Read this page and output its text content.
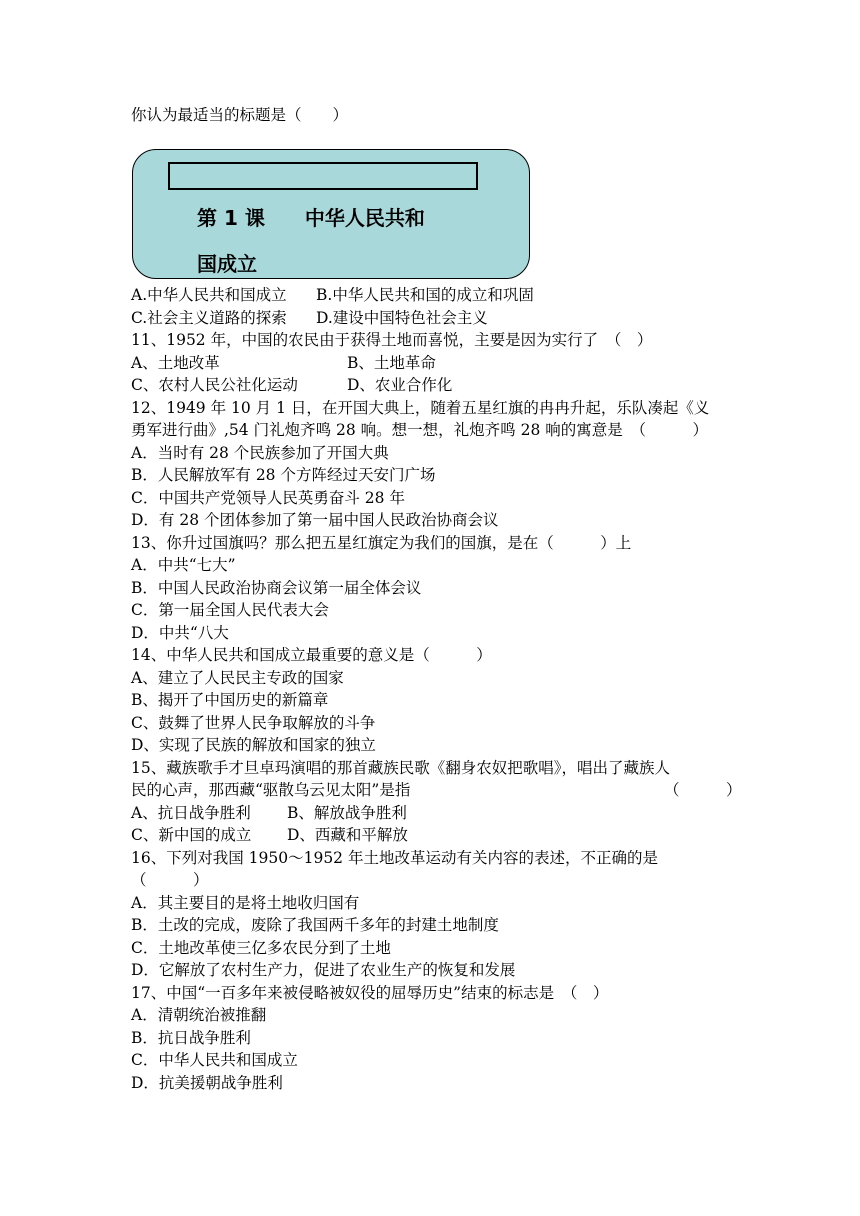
你认为最适当的标题是（　　）
第 1 课　　中华人民共和
国成立
A.中华人民共和国成立 B.中华人民共和国的成立和巩固
C.社会主义道路的探索 D.建设中国特色社会主义
11、1952 年，中国的农民由于获得土地而喜悦，主要是因为实行了　（　）
A、土地改革	B、土地革命
C、农村人民公社化运动	D、农业合作化
12、1949 年 10 月 1 日，在开国大典上，随着五星红旗的冉冉升起，乐队凑起《义
勇军进行曲》,54 门礼炮齐鸣 28 响。想一想，礼炮齐鸣 28 响的寓意是　（　　　）
A．当时有 28 个民族参加了开国大典
B．人民解放军有 28 个方阵经过天安门广场
C．中国共产党领导人民英勇奋斗 28 年
D．有 28 个团体参加了第一届中国人民政治协商会议
13、你升过国旗吗？那么把五星红旗定为我们的国旗，是在（　　　）上
A．中共“七大”
B．中国人民政治协商会议第一届全体会议
C．第一届全国人民代表大会
D．中共“八大
14、中华人民共和国成立最重要的意义是（　　　）
A、建立了人民民主专政的国家
B、揭开了中国历史的新篇章
C、鼓舞了世界人民争取解放的斗争
D、实现了民族的解放和国家的独立
15、藏族歌手才旦卓玛演唱的那首藏族民歌《翻身农奴把歌唱》，唱出了藏族人
民的心声，那西藏“驱散乌云见太阳”是指	（　　　）
A、抗日战争胜利 B、解放战争胜利
C、新中国的成立 D、西藏和平解放
16、下列对我国 1950～1952 年土地改革运动有关内容的表述，不正确的是
（　　　）
A．其主要目的是将土地收归国有
B．土改的完成，废除了我国两千多年的封建土地制度
C．土地改革使三亿多农民分到了土地
D．它解放了农村生产力，促进了农业生产的恢复和发展
17、中国“一百多年来被侵略被奴役的屈辱历史”结束的标志是　（　）
A．清朝统治被推翻
B．抗日战争胜利
C．中华人民共和国成立
D．抗美援朝战争胜利
